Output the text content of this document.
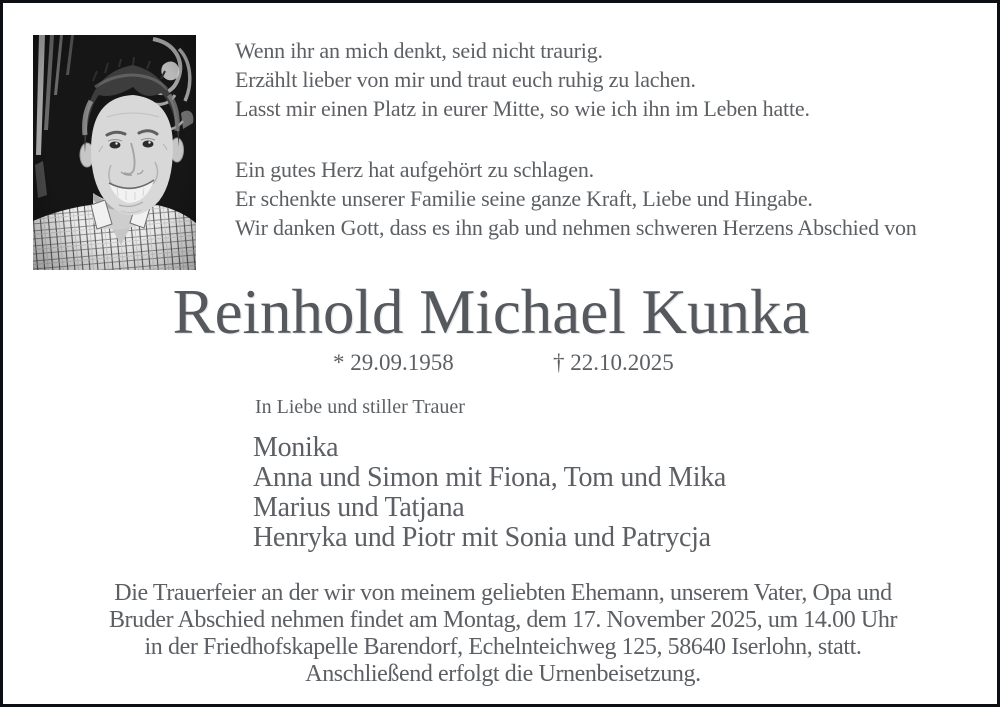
Wenn ihr an mich denkt, seid nicht traurig.
Erzählt lieber von mir und traut euch ruhig zu lachen.
Lasst mir einen Platz in eurer Mitte, so wie ich ihn im Leben hatte.
Ein gutes Herz hat aufgehört zu schlagen.
Er schenkte unserer Familie seine ganze Kraft, Liebe und Hingabe.
Wir danken Gott, dass es ihn gab und nehmen schweren Herzens Abschied von
Reinhold Michael Kunka
* 29.09.1958	† 22.10.2025
In Liebe und stiller Trauer
Monika
Anna und Simon mit Fiona, Tom und Mika
Marius und Tatjana
Henryka und Piotr mit Sonia und Patrycja
Die Trauerfeier an der wir von meinem geliebten Ehemann, unserem Vater, Opa und
Bruder Abschied nehmen findet am Montag, dem 17. November 2025, um 14.00 Uhr
in der Friedhofskapelle Barendorf, Echelnteichweg 125, 58640 Iserlohn, statt.
Anschließend erfolgt die Urnenbeisetzung.
